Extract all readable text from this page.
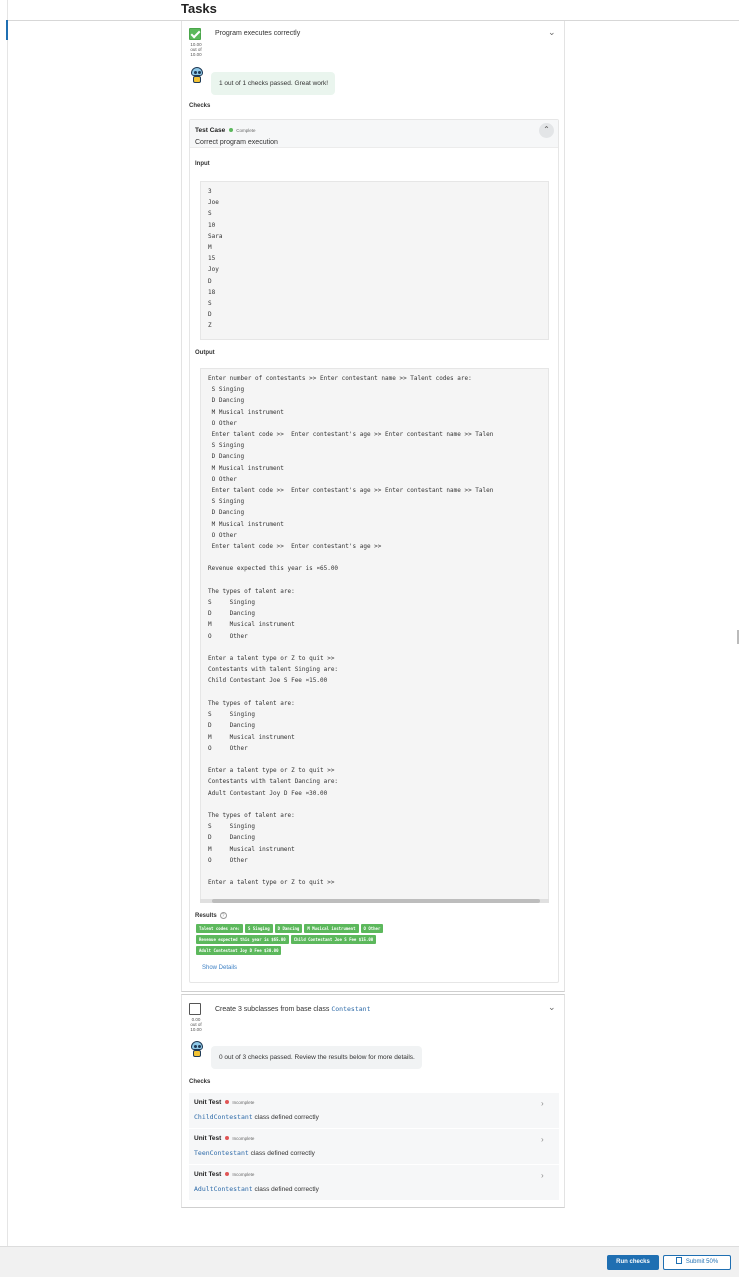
Tasks
10.00
out of
10.00
Program executes correctly	⌄
1 out of 1 checks passed. Great work!
Checks
Test Case Complete
Correct program execution
⌃
Input
3
Joe
S
10
Sara
M
15
Joy
D
18
S
D
Z
Output
Enter number of contestants >> Enter contestant name >> Talent codes are:
S Singing
D Dancing
M Musical instrument
O Other
Enter talent code >>  Enter contestant's age >> Enter contestant name >> Talen
S Singing
D Dancing
M Musical instrument
O Other
Enter talent code >>  Enter contestant's age >> Enter contestant name >> Talen
S Singing
D Dancing
M Musical instrument
O Other
Enter talent code >>  Enter contestant's age >>

Revenue expected this year is ¤65.00

The types of talent are:
S     Singing
D     Dancing
M     Musical instrument
O     Other

Enter a talent type or Z to quit >>
Contestants with talent Singing are:
Child Contestant Joe S Fee ¤15.00

The types of talent are:
S     Singing
D     Dancing
M     Musical instrument
O     Other

Enter a talent type or Z to quit >>
Contestants with talent Dancing are:
Adult Contestant Joy D Fee ¤30.00

The types of talent are:
S     Singing
D     Dancing
M     Musical instrument
O     Other

Enter a talent type or Z to quit >>
Results ?
Talent codes are: S Singing D Dancing M Musical instrument O Other
Revenue expected this year is $65.00 Child Contestant Joe S Fee $15.00
Adult Contestant Joy D Fee $30.00
Show Details
0.00
out of
10.00
Create 3 subclasses from base class Contestant	⌄
0 out of 3 checks passed. Review the results below for more details.
Checks
Unit Test Incomplete
ChildContestant class defined correctly
›
Unit Test Incomplete
TeenContestant class defined correctly
›
Unit Test Incomplete
AdultContestant class defined correctly
›
Run checks	Submit 50%
